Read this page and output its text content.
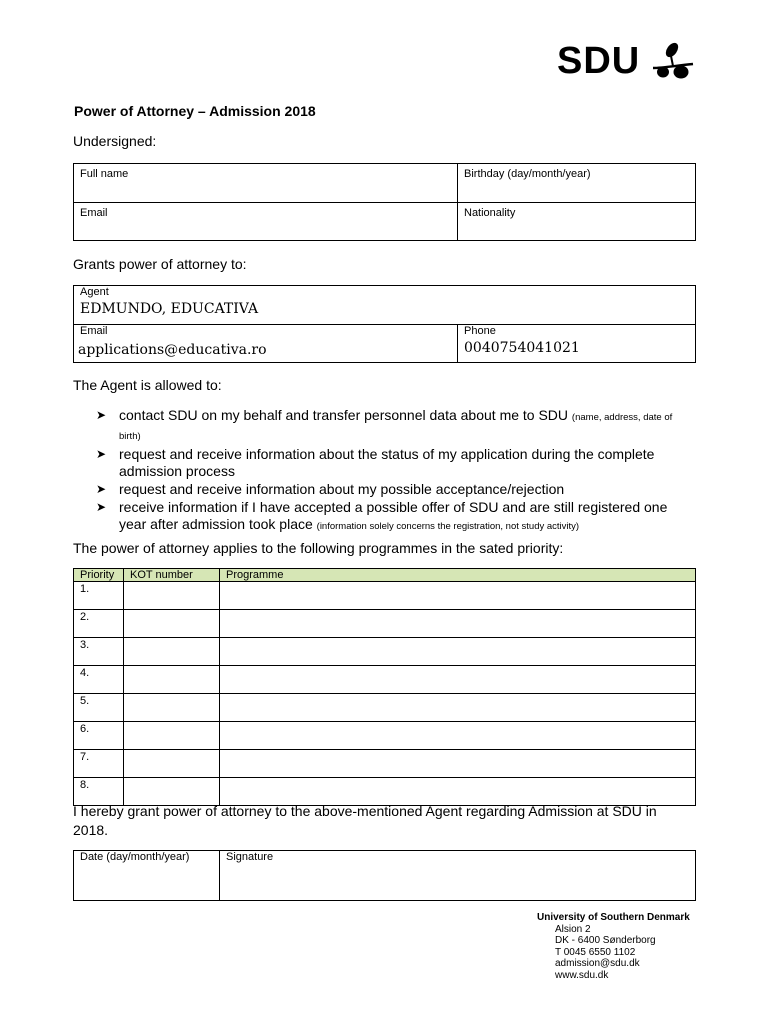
SDU
Power of Attorney – Admission 2018
Undersigned:
Full name	Birthday (day/month/year)

Email	Nationality
Grants power of attorney to:
Agent
EDMUNDO, EDUCATIVA

Email
applications@educativa.ro

Phone
0040754041021
The Agent is allowed to:
➤ contact SDU on my behalf and transfer personnel data about me to SDU (name, address, date of birth)
➤ request and receive information about the status of my application during the complete admission process
➤ request and receive information about my possible acceptance/rejection
➤ receive information if I have accepted a possible offer of SDU and are still registered one year after admission took place (information solely concerns the registration, not study activity)
The power of attorney applies to the following programmes in the sated priority:
Priority	KOT number	Programme
1.		
2.		
3.		
4.		
5.		
6.		
7.		
8.		
I hereby grant power of attorney to the above-mentioned Agent regarding Admission at SDU in 2018.
Date (day/month/year)	Signature
University of Southern Denmark
Alsion 2
DK - 6400 Sønderborg
T 0045 6550 1102
admission@sdu.dk
www.sdu.dk
